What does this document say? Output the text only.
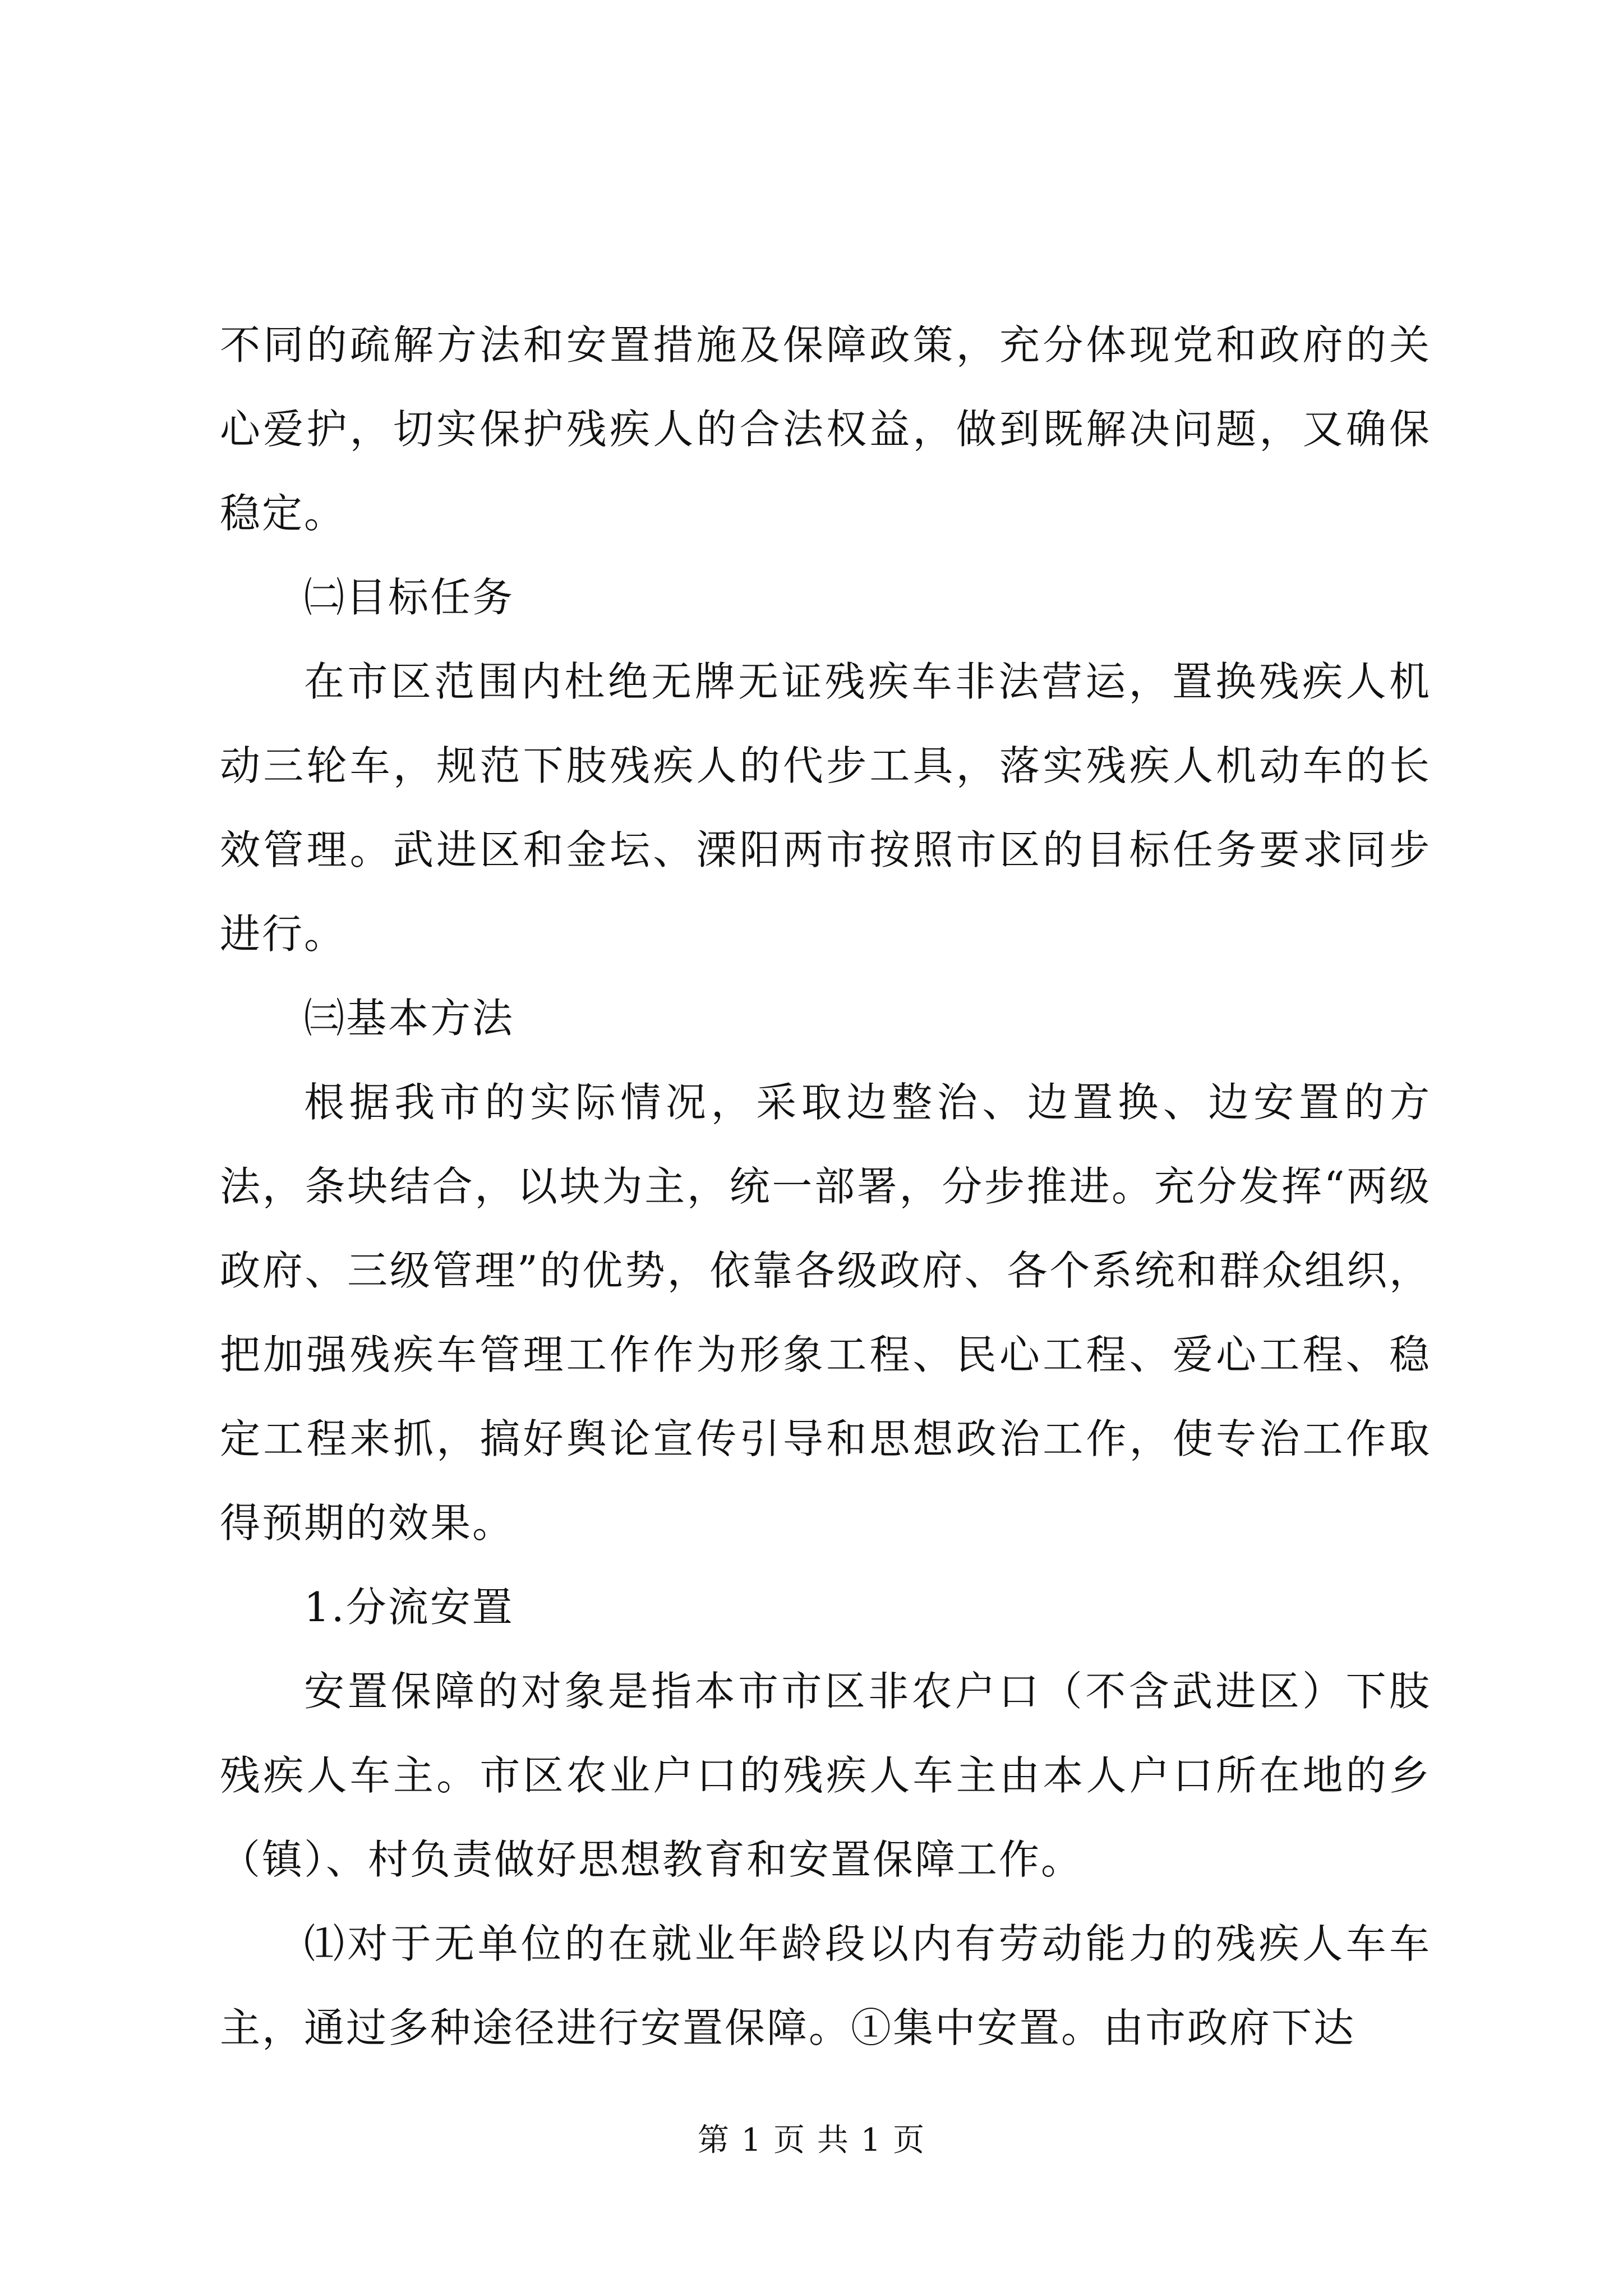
不同的疏解方法和安置措施及保障政策，充分体现党和政府的关心爱护，切实保护残疾人的合法权益，做到既解决问题，又确保稳定。

㈡目标任务

在市区范围内杜绝无牌无证残疾车非法营运，置换残疾人机动三轮车，规范下肢残疾人的代步工具，落实残疾人机动车的长效管理。武进区和金坛、溧阳两市按照市区的目标任务要求同步进行。

㈢基本方法

根据我市的实际情况，采取边整治、边置换、边安置的方法，条块结合，以块为主，统一部署，分步推进。充分发挥“两级政府、三级管理”的优势，依靠各级政府、各个系统和群众组织，把加强残疾车管理工作作为形象工程、民心工程、爱心工程、稳定工程来抓，搞好舆论宣传引导和思想政治工作，使专治工作取得预期的效果。

1.分流安置

安置保障的对象是指本市市区非农户口（不含武进区）下肢残疾人车主。市区农业户口的残疾人车主由本人户口所在地的乡（镇）、村负责做好思想教育和安置保障工作。

⑴对于无单位的在就业年龄段以内有劳动能力的残疾人车车主，通过多种途径进行安置保障。①集中安置。由市政府下达

第 1 页 共 1 页
